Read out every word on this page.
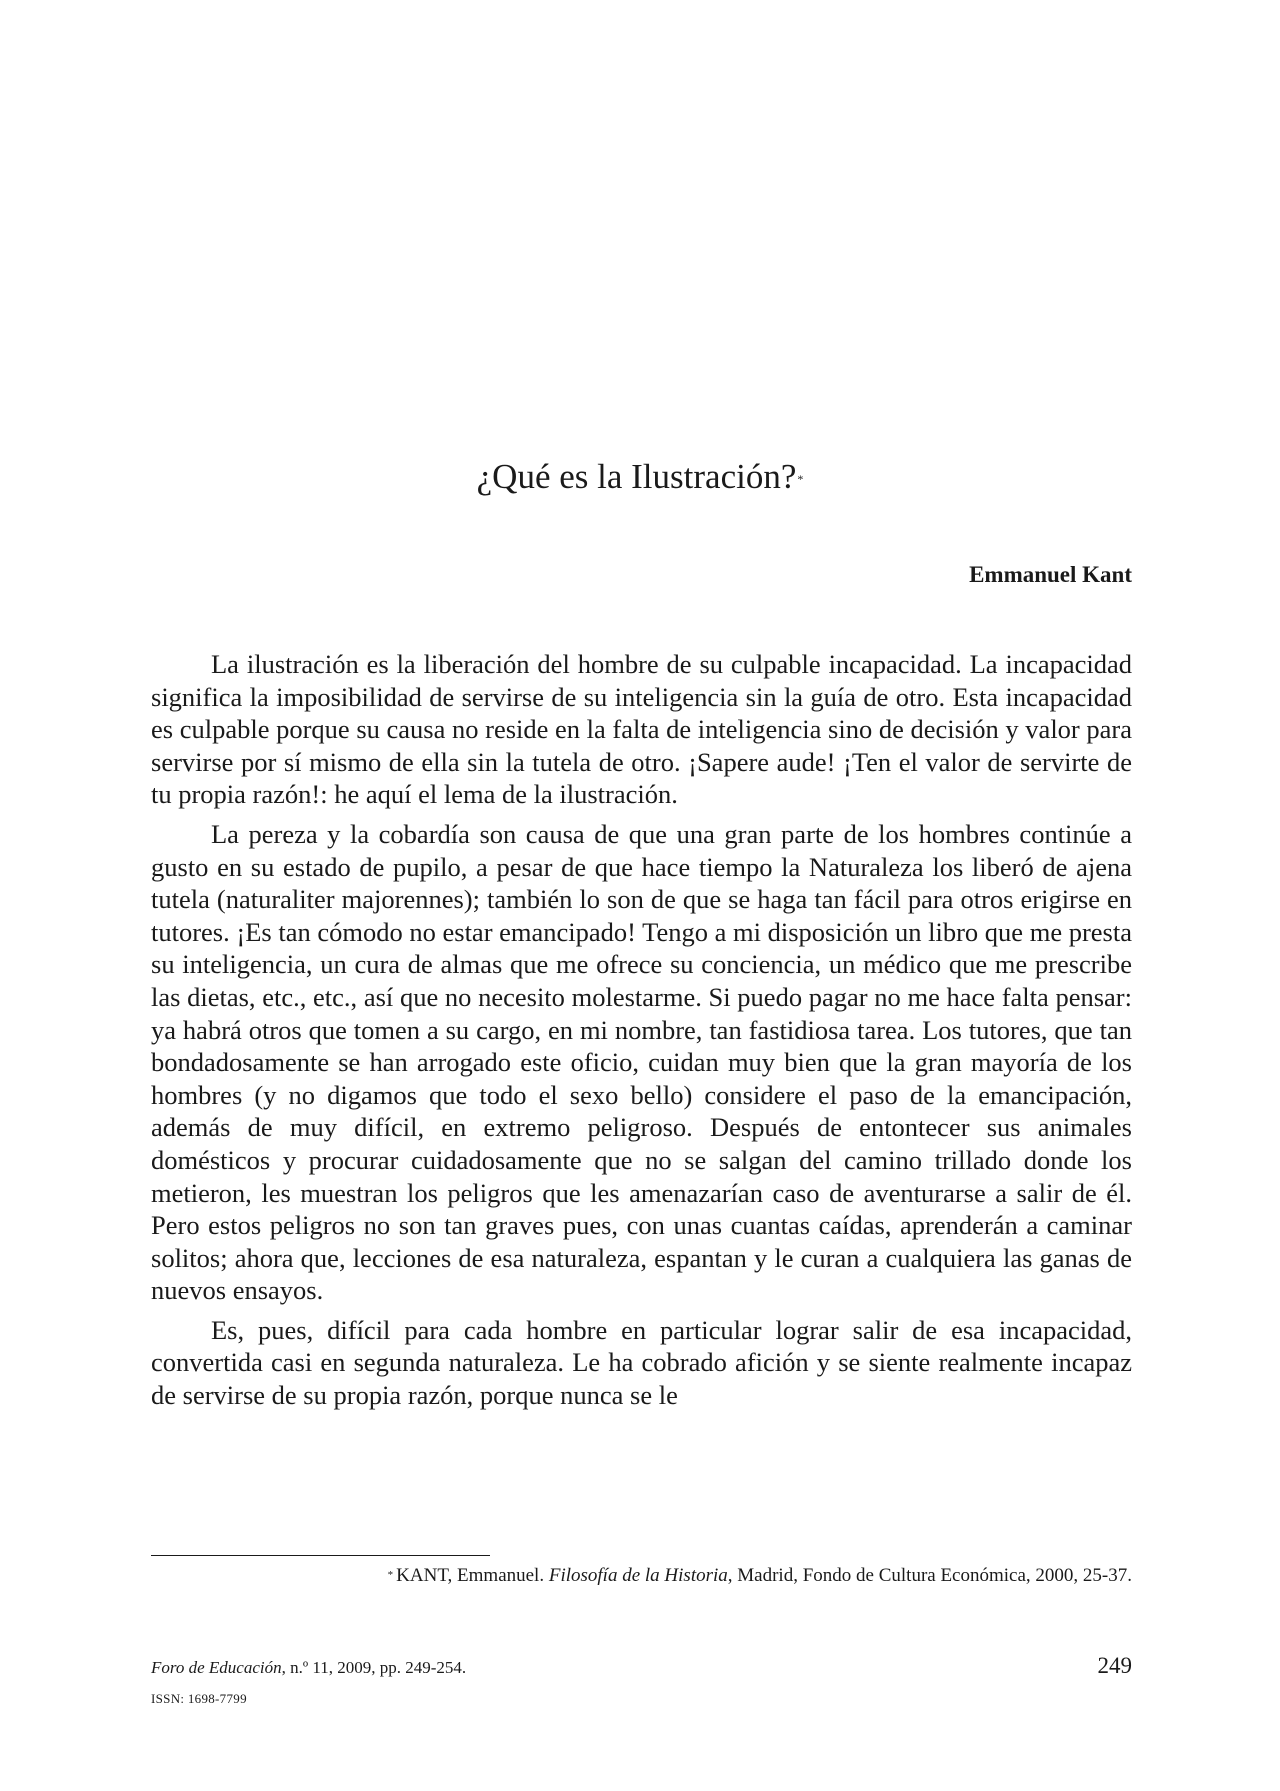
¿Qué es la Ilustración?*

Emmanuel Kant

La ilustración es la liberación del hombre de su culpable incapacidad. La incapacidad significa la imposibilidad de servirse de su inteligencia sin la guía de otro. Esta incapacidad es culpable porque su causa no reside en la falta de inteligencia sino de decisión y valor para servirse por sí mismo de ella sin la tutela de otro. ¡Sapere aude! ¡Ten el valor de servirte de tu propia razón!: he aquí el lema de la ilustración.

La pereza y la cobardía son causa de que una gran parte de los hombres continúe a gusto en su estado de pupilo, a pesar de que hace tiempo la Naturaleza los liberó de ajena tutela (naturaliter majorennes); también lo son de que se haga tan fácil para otros erigirse en tutores. ¡Es tan cómodo no estar emancipado! Tengo a mi disposición un libro que me presta su inteligencia, un cura de almas que me ofrece su conciencia, un médico que me prescribe las dietas, etc., etc., así que no necesito molestarme. Si puedo pagar no me hace falta pensar: ya habrá otros que tomen a su cargo, en mi nombre, tan fastidiosa tarea. Los tutores, que tan bondadosamente se han arrogado este oficio, cuidan muy bien que la gran mayoría de los hombres (y no digamos que todo el sexo bello) considere el paso de la emancipación, además de muy difícil, en extremo peligroso. Después de entontecer sus animales domésticos y procurar cuidadosamente que no se salgan del camino trillado donde los metieron, les muestran los peligros que les amenazarían caso de aventurarse a salir de él. Pero estos peligros no son tan graves pues, con unas cuantas caídas, aprenderán a caminar solitos; ahora que, lecciones de esa naturaleza, espantan y le curan a cualquiera las ganas de nuevos ensayos.

Es, pues, difícil para cada hombre en particular lograr salir de esa incapacidad, convertida casi en segunda naturaleza. Le ha cobrado afición y se siente realmente incapaz de servirse de su propia razón, porque nunca se le

* KANT, Emmanuel. Filosofía de la Historia, Madrid, Fondo de Cultura Económica, 2000, 25-37.

Foro de Educación, n.º 11, 2009, pp. 249-254.

ISSN: 1698-7799

249
